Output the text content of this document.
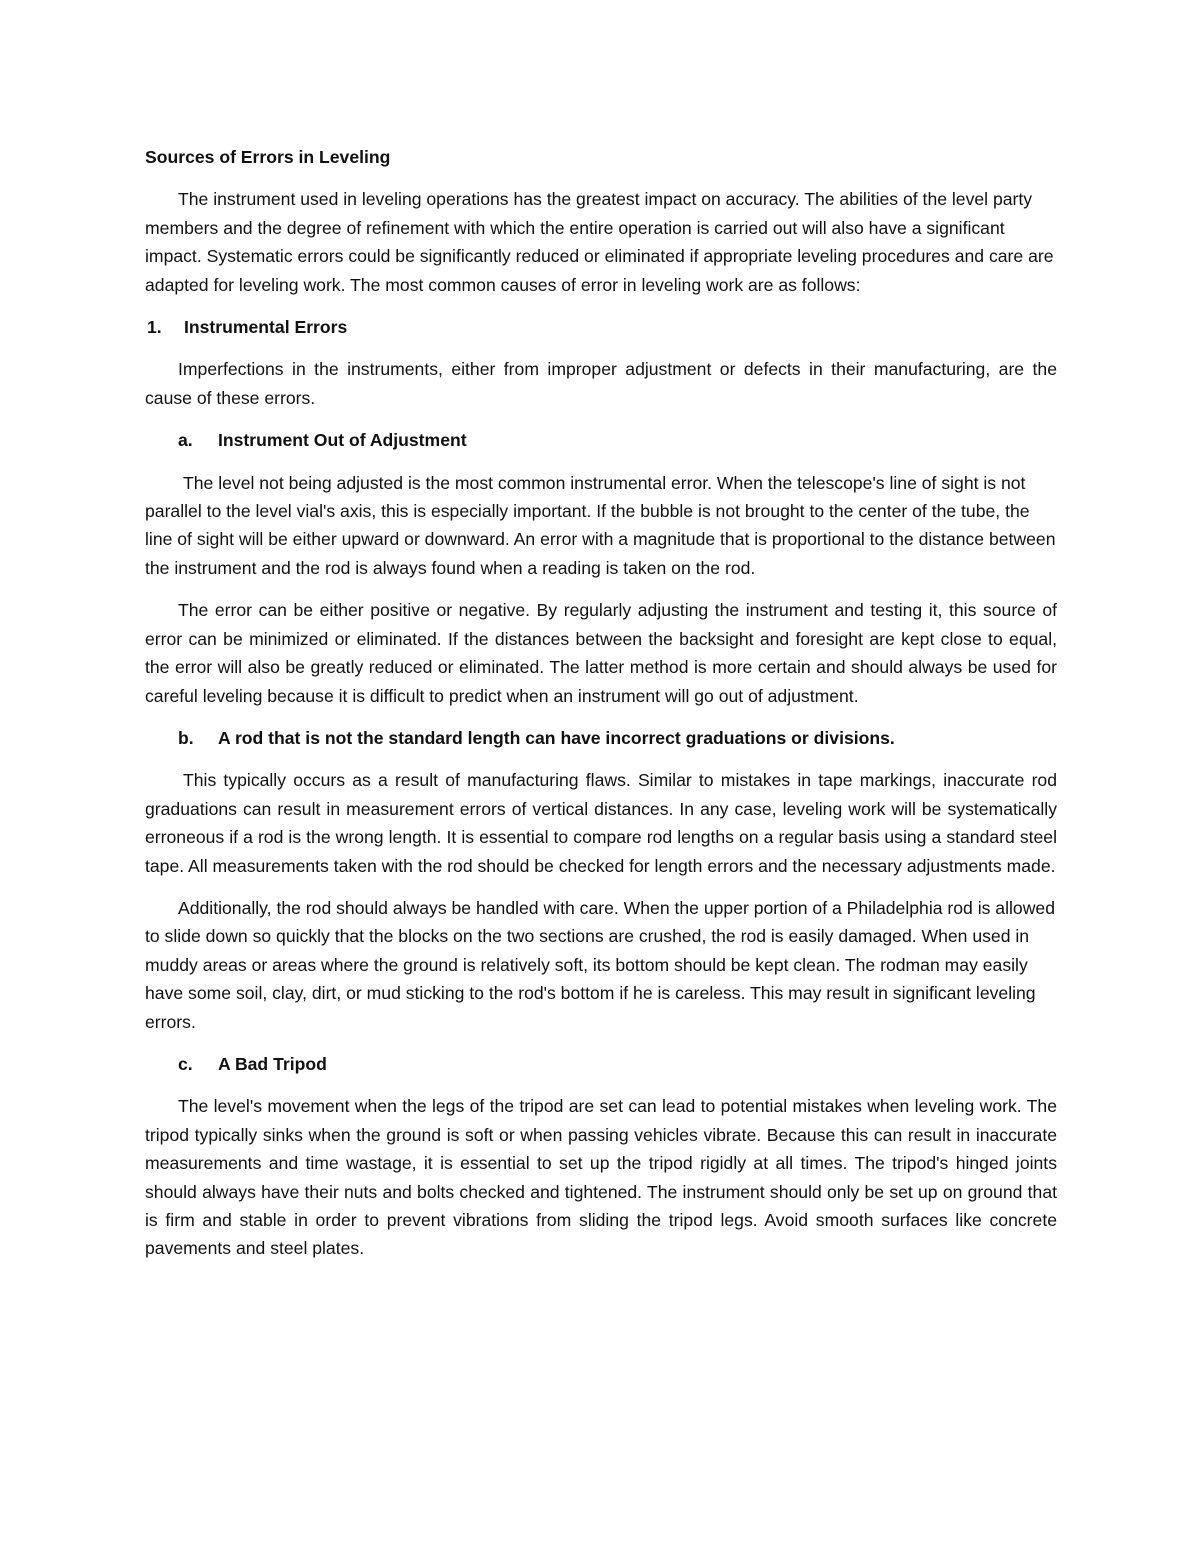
Sources of Errors in Leveling

The instrument used in leveling operations has the greatest impact on accuracy. The abilities of the level party members and the degree of refinement with which the entire operation is carried out will also have a significant impact. Systematic errors could be significantly reduced or eliminated if appropriate leveling procedures and care are adapted for leveling work. The most common causes of error in leveling work are as follows:

1.	Instrumental Errors

Imperfections in the instruments, either from improper adjustment or defects in their manufacturing, are the cause of these errors.

a.	Instrument Out of Adjustment

The level not being adjusted is the most common instrumental error. When the telescope's line of sight is not parallel to the level vial's axis, this is especially important. If the bubble is not brought to the center of the tube, the line of sight will be either upward or downward. An error with a magnitude that is proportional to the distance between the instrument and the rod is always found when a reading is taken on the rod.

The error can be either positive or negative. By regularly adjusting the instrument and testing it, this source of error can be minimized or eliminated. If the distances between the backsight and foresight are kept close to equal, the error will also be greatly reduced or eliminated. The latter method is more certain and should always be used for careful leveling because it is difficult to predict when an instrument will go out of adjustment.

b.	A rod that is not the standard length can have incorrect graduations or divisions.

This typically occurs as a result of manufacturing flaws. Similar to mistakes in tape markings, inaccurate rod graduations can result in measurement errors of vertical distances. In any case, leveling work will be systematically erroneous if a rod is the wrong length. It is essential to compare rod lengths on a regular basis using a standard steel tape. All measurements taken with the rod should be checked for length errors and the necessary adjustments made.

Additionally, the rod should always be handled with care. When the upper portion of a Philadelphia rod is allowed to slide down so quickly that the blocks on the two sections are crushed, the rod is easily damaged. When used in muddy areas or areas where the ground is relatively soft, its bottom should be kept clean. The rodman may easily have some soil, clay, dirt, or mud sticking to the rod's bottom if he is careless. This may result in significant leveling errors.

c.	A Bad Tripod

The level's movement when the legs of the tripod are set can lead to potential mistakes when leveling work. The tripod typically sinks when the ground is soft or when passing vehicles vibrate. Because this can result in inaccurate measurements and time wastage, it is essential to set up the tripod rigidly at all times. The tripod's hinged joints should always have their nuts and bolts checked and tightened. The instrument should only be set up on ground that is firm and stable in order to prevent vibrations from sliding the tripod legs. Avoid smooth surfaces like concrete pavements and steel plates.
